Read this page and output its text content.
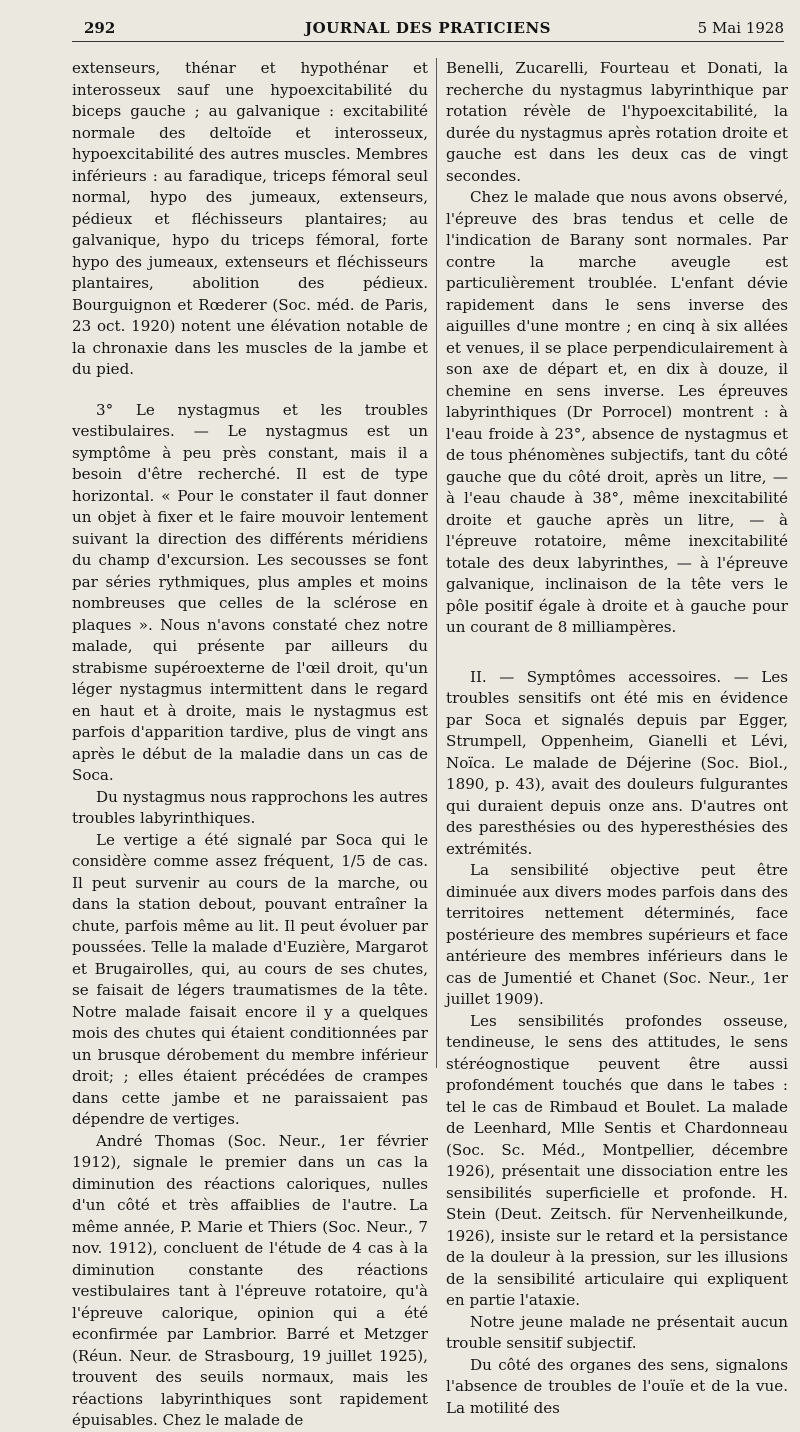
292	JOURNAL DES PRATICIENS	5 Mai 1928

extenseurs, thénar et hypothénar et interosseux sauf une hypoexcitabilité du biceps gauche ; au galvanique : excitabilité normale des deltoïde et interosseux, hypoexcitabilité des autres muscles. Membres inférieurs : au faradique, triceps fémoral seul normal, hypo des jumeaux, extenseurs, pédieux et fléchisseurs plantaires; au galvanique, hypo du triceps fémoral, forte hypo des jumeaux, extenseurs et fléchisseurs plantaires, abolition des pédieux. Bourguignon et Rœderer (Soc. méd. de Paris, 23 oct. 1920) notent une élévation notable de la chronaxie dans les muscles de la jambe et du pied.

3° Le nystagmus et les troubles vestibulaires. — Le nystagmus est un symptôme à peu près constant, mais il a besoin d'être recherché. Il est de type horizontal. « Pour le constater il faut donner un objet à fixer et le faire mouvoir lentement suivant la direction des différents méridiens du champ d'excursion. Les secousses se font par séries rythmiques, plus amples et moins nombreuses que celles de la sclérose en plaques ». Nous n'avons constaté chez notre malade, qui présente par ailleurs du strabisme supéroexterne de l'œil droit, qu'un léger nystagmus intermittent dans le regard en haut et à droite, mais le nystagmus est parfois d'apparition tardive, plus de vingt ans après le début de la maladie dans un cas de Soca.

Du nystagmus nous rapprochons les autres troubles labyrinthiques.

Le vertige a été signalé par Soca qui le considère comme assez fréquent, 1/5 de cas. Il peut survenir au cours de la marche, ou dans la station debout, pouvant entraîner la chute, parfois même au lit. Il peut évoluer par poussées. Telle la malade d'Euzière, Margarot et Brugairolles, qui, au cours de ses chutes, se faisait de légers traumatismes de la tête. Notre malade faisait encore il y a quelques mois des chutes qui étaient conditionnées par un brusque dérobement du membre inférieur droit; ; elles étaient précédées de crampes dans cette jambe et ne paraissaient pas dépendre de vertiges.

André Thomas (Soc. Neur., 1er février 1912), signale le premier dans un cas la diminution des réactions caloriques, nulles d'un côté et très affaiblies de l'autre. La même année, P. Marie et Thiers (Soc. Neur., 7 nov. 1912), concluent de l'étude de 4 cas à la diminution constante des réactions vestibulaires tant à l'épreuve rotatoire, qu'à l'épreuve calorique, opinion qui a été econfirmée par Lambrior. Barré et Metzger (Réun. Neur. de Strasbourg, 19 juillet 1925), trouvent des seuils normaux, mais les réactions labyrinthiques sont rapidement épuisables. Chez le malade de

Benelli, Zucarelli, Fourteau et Donati, la recherche du nystagmus labyrinthique par rotation révèle de l'hypoexcitabilité, la durée du nystagmus après rotation droite et gauche est dans les deux cas de vingt secondes.

Chez le malade que nous avons observé, l'épreuve des bras tendus et celle de l'indication de Barany sont normales. Par contre la marche aveugle est particulièrement troublée. L'enfant dévie rapidement dans le sens inverse des aiguilles d'une montre ; en cinq à six allées et venues, il se place perpendiculairement à son axe de départ et, en dix à douze, il chemine en sens inverse. Les épreuves labyrinthiques (Dr Porrocel) montrent : à l'eau froide à 23°, absence de nystagmus et de tous phénomènes subjectifs, tant du côté gauche que du côté droit, après un litre, — à l'eau chaude à 38°, même inexcitabilité droite et gauche après un litre, — à l'épreuve rotatoire, même inexcitabilité totale des deux labyrinthes, — à l'épreuve galvanique, inclinaison de la tête vers le pôle positif égale à droite et à gauche pour un courant de 8 milliampères.

II. — Symptômes accessoires. — Les troubles sensitifs ont été mis en évidence par Soca et signalés depuis par Egger, Strumpell, Oppenheim, Gianelli et Lévi, Noïca. Le malade de Déjerine (Soc. Biol., 1890, p. 43), avait des douleurs fulgurantes qui duraient depuis onze ans. D'autres ont des paresthésies ou des hyperesthésies des extrémités.

La sensibilité objective peut être diminuée aux divers modes parfois dans des territoires nettement déterminés, face postérieure des membres supérieurs et face antérieure des membres inférieurs dans le cas de Jumentié et Chanet (Soc. Neur., 1er juillet 1909).

Les sensibilités profondes osseuse, tendineuse, le sens des attitudes, le sens stéréognostique peuvent être aussi profondément touchés que dans le tabes : tel le cas de Rimbaud et Boulet. La malade de Leenhard, Mlle Sentis et Chardonneau (Soc. Sc. Méd., Montpellier, décembre 1926), présentait une dissociation entre les sensibilités superficielle et profonde. H. Stein (Deut. Zeitsch. für Nervenheilkunde, 1926), insiste sur le retard et la persistance de la douleur à la pression, sur les illusions de la sensibilité articulaire qui expliquent en partie l'ataxie.

Notre jeune malade ne présentait aucun trouble sensitif subjectif.

Du côté des organes des sens, signalons l'absence de troubles de l'ouïe et de la vue. La motilité des
